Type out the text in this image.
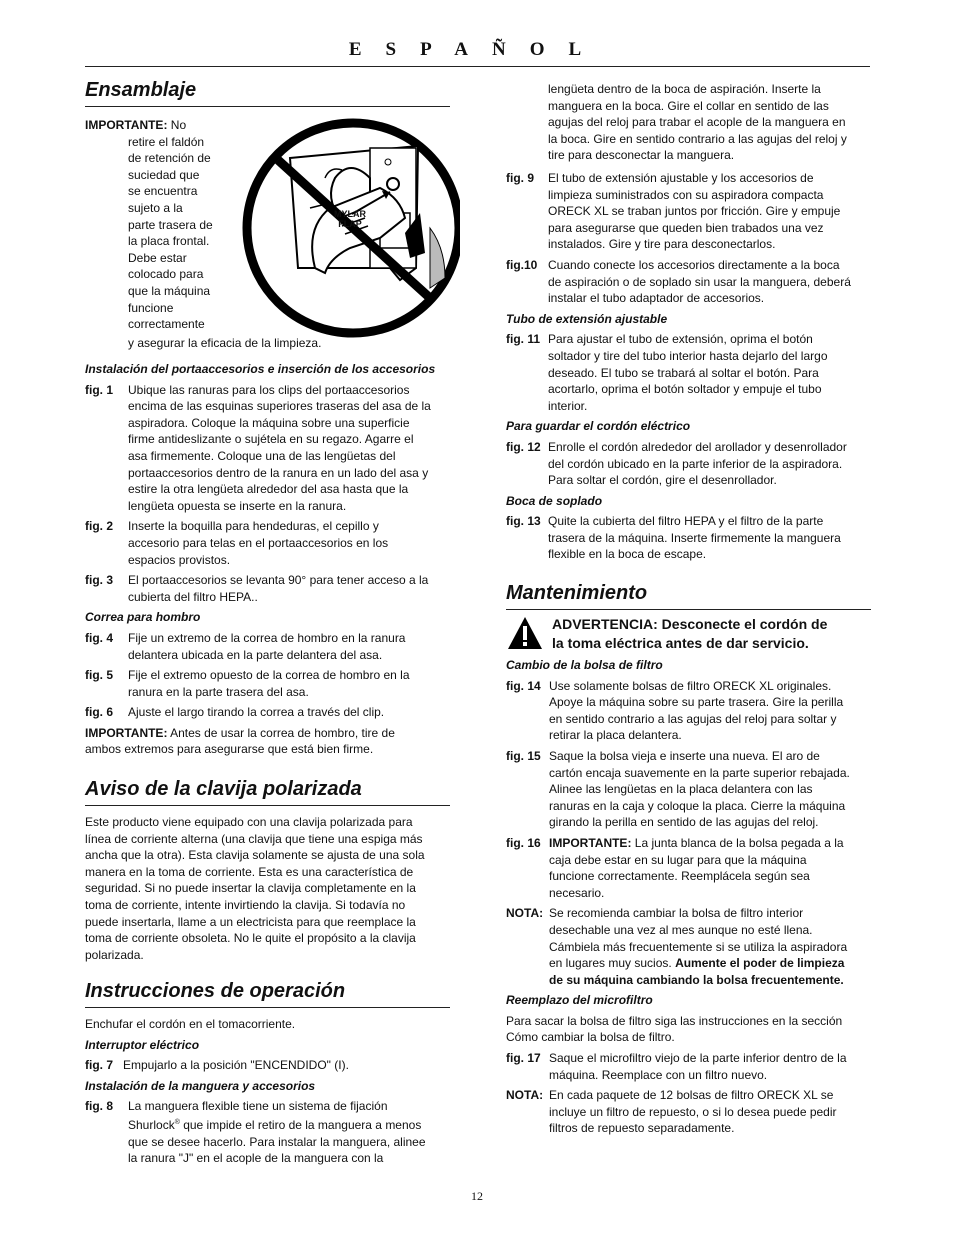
ESPAÑOL
Ensamblaje

IMPORTANTE: No

retire el faldón

de retención de

suciedad que

se encuentra

sujeto a la

parte trasera de

la placa frontal.

Debe estar

colocado para

que la máquina

funcione

correctamente

MYLAR
FLAP

y asegurar la eficacia de la limpieza.

Instalación del portaaccesorios e inserción de los accesorios

fig. 1	Ubique las ranuras para los clips del portaaccesorios

encima de las esquinas superiores traseras del asa de la

aspiradora. Coloque la máquina sobre una superficie

firme antideslizante o sujétela en su regazo. Agarre el

asa firmemente. Coloque una de las lengüetas del

portaaccesorios dentro de la ranura en un lado del asa y

estire la otra lengüeta alrededor del asa hasta que la

lengüeta opuesta se inserte en la ranura.

fig. 2	Inserte la boquilla para hendeduras, el cepillo y

accesorio para telas en el portaaccesorios en los

espacios provistos.

fig. 3	El portaaccesorios se levanta 90° para tener acceso a la

cubierta del filtro HEPA..

Correa para hombro

fig. 4	Fije un extremo de la correa de hombro en la ranura

delantera ubicada en la parte delantera del asa.

fig. 5	Fije el extremo opuesto de la correa de hombro en la

ranura en la parte trasera del asa.

fig. 6	Ajuste el largo tirando la correa a través del clip.

IMPORTANTE: Antes de usar la correa de hombro, tire de

ambos extremos para asegurarse que está bien firme.

Aviso de la clavija polarizada

Este producto viene equipado con una clavija polarizada para

línea de corriente alterna (una clavija que tiene una espiga más

ancha que la otra). Esta clavija solamente se ajusta de una sola

manera en la toma de corriente. Esta es una característica de

seguridad. Si no puede insertar la clavija completamente en la

toma de corriente, intente invirtiendo la clavija. Si todavía no

puede insertarla, llame a un electricista para que reemplace la

toma de corriente obsoleta. No le quite el propósito a la clavija

polarizada.

Instrucciones de operación

Enchufar el cordón en el tomacorriente.

Interruptor eléctrico

fig. 7 Empujarlo a la posición "ENCENDIDO" (I).

Instalación de la manguera y accesorios

fig. 8	La manguera flexible tiene un sistema de fijación

Shurlock® que impide el retiro de la manguera a menos

que se desee hacerlo. Para instalar la manguera, alinee

la ranura "J" en el acople de la manguera con la

lengüeta dentro de la boca de aspiración. Inserte la

manguera en la boca. Gire el collar en sentido de las

agujas del reloj para trabar el acople de la manguera en

la boca. Gire en sentido contrario a las agujas del reloj y

tire para desconectar la manguera.

fig. 9	El tubo de extensión ajustable y los accesorios de

limpieza suministrados con su aspiradora compacta

ORECK XL se traban juntos por fricción. Gire y empuje

para asegurarse que queden bien trabados una vez

instalados. Gire y tire para desconectarlos.

fig.10 Cuando conecte los accesorios directamente a la boca

de aspiración o de soplado sin usar la manguera, deberá

instalar el tubo adaptador de accesorios.

Tubo de extensión ajustable

fig. 11 Para ajustar el tubo de extensión, oprima el botón

soltador y tire del tubo interior hasta dejarlo del largo

deseado. El tubo se trabará al soltar el botón. Para

acortarlo, oprima el botón soltador y empuje el tubo

interior.

Para guardar el cordón eléctrico

fig. 12 Enrolle el cordón alrededor del arollador y desenrollador

del cordón ubicado en la parte inferior de la aspiradora.

Para soltar el cordón, gire el desenrollador.

Boca de soplado

fig. 13 Quite la cubierta del filtro HEPA y el filtro de la parte

trasera de la máquina. Inserte firmemente la manguera

flexible en la boca de escape.

Mantenimiento
ADVERTENCIA: Desconecte el cordón de
la toma eléctrica antes de dar servicio.

Cambio de la bolsa de filtro

fig. 14 Use solamente bolsas de filtro ORECK XL originales.

Apoye la máquina sobre su parte trasera. Gire la perilla

en sentido contrario a las agujas del reloj para soltar y

retirar la placa delantera.

fig. 15 Saque la bolsa vieja e inserte una nueva. El aro de

cartón encaja suavemente en la parte superior rebajada.

Alinee las lengüetas en la placa delantera con las

ranuras en la caja y coloque la placa. Cierre la máquina

girando la perilla en sentido de las agujas del reloj.

fig. 16 IMPORTANTE: La junta blanca de la bolsa pegada a la

caja debe estar en su lugar para que la máquina

funcione correctamente. Reemplácela según sea

necesario.

NOTA: Se recomienda cambiar la bolsa de filtro interior

desechable una vez al mes aunque no esté llena.

Cámbiela más frecuentemente si se utiliza la aspiradora

en lugares muy sucios. Aumente el poder de limpieza

de su máquina cambiando la bolsa frecuentemente.

Reemplazo del microfiltro

Para sacar la bolsa de filtro siga las instrucciones en la sección

Cómo cambiar la bolsa de filtro.

fig. 17 Saque el microfiltro viejo de la parte inferior dentro de la

máquina. Reemplace con un filtro nuevo.

NOTA: En cada paquete de 12 bolsas de filtro ORECK XL se

incluye un filtro de repuesto, o si lo desea puede pedir

filtros de repuesto separadamente.

12
